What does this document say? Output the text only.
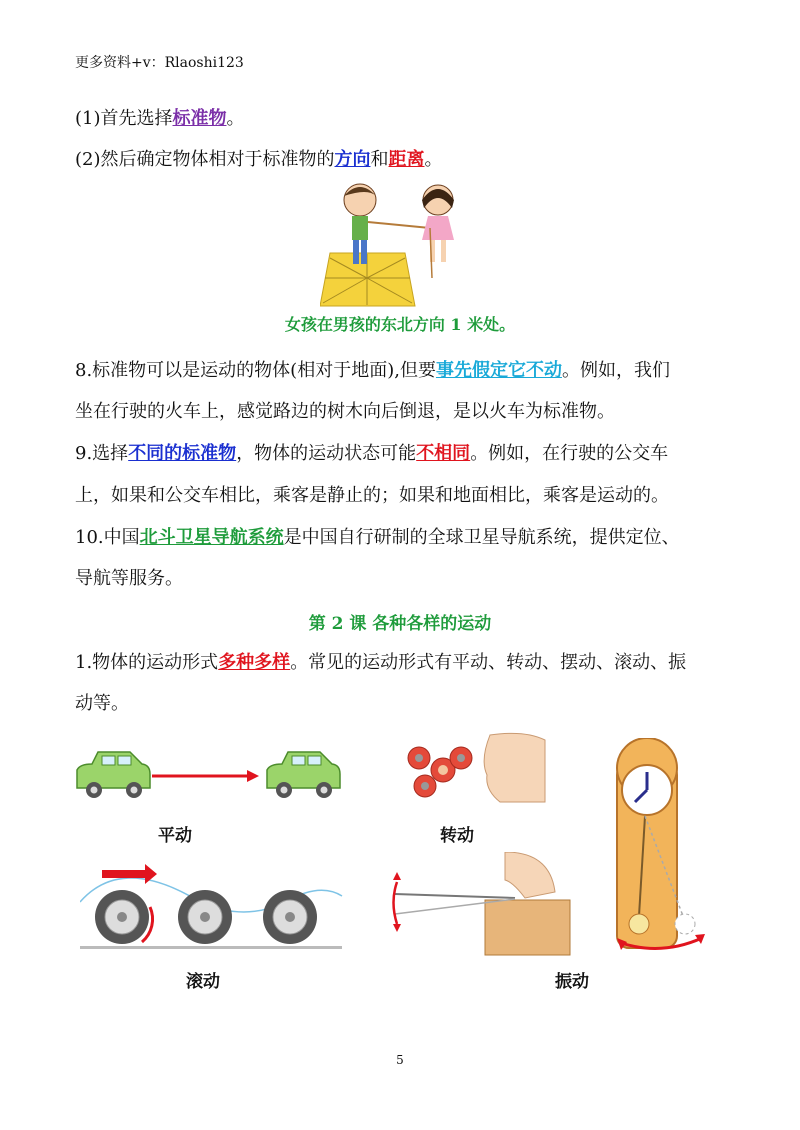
更多资料+v：Rlaoshi123
(1)首先选择标准物。
(2)然后确定物体相对于标准物的方向和距离。
女孩在男孩的东北方向 1 米处。
8.标准物可以是运动的物体(相对于地面),但要事先假定它不动。例如，我们
坐在行驶的火车上，感觉路边的树木向后倒退，是以火车为标准物。
9.选择不同的标准物，物体的运动状态可能不相同。例如，在行驶的公交车
上，如果和公交车相比，乘客是静止的；如果和地面相比，乘客是运动的。
10.中国北斗卫星导航系统是中国自行研制的全球卫星导航系统，提供定位、
导航等服务。
第 2 课 各种各样的运动
1.物体的运动形式多种多样。常见的运动形式有平动、转动、摆动、滚动、振
动等。
平动	转动
滚动	振动
5
